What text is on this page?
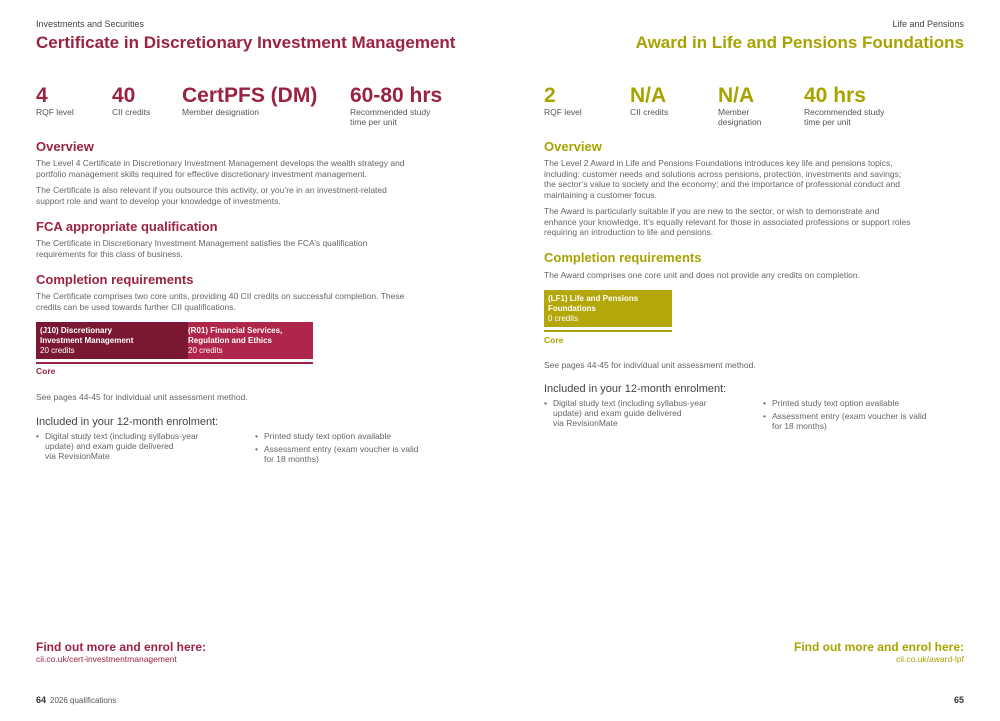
Investments and Securities
Certificate in Discretionary Investment Management
4
RQF level
40
CII credits
CertPFS (DM)
Member designation
60-80 hrs
Recommended study
time per unit
Overview
The Level 4 Certificate in Discretionary Investment Management develops the wealth strategy and
portfolio management skills required for effective discretionary investment management.
The Certificate is also relevant if you outsource this activity, or you’re in an investment-related
support role and want to develop your knowledge of investments.
FCA appropriate qualification
The Certificate in Discretionary Investment Management satisfies the FCA’s qualification
requirements for this class of business.
Completion requirements
The Certificate comprises two core units, providing 40 CII credits on successful completion. These
credits can be used towards further CII qualifications.
(J10) Discretionary
Investment Management
20 credits
(R01) Financial Services,
Regulation and Ethics
20 credits
Core
See pages 44-45 for individual unit assessment method.
Included in your 12-month enrolment:
• Digital study text (including syllabus-year
update) and exam guide delivered
via RevisionMate
• Printed study text option available
• Assessment entry (exam voucher is valid
for 18 months)
Find out more and enrol here:
cii.co.uk/cert-investmentmanagement
64 2026 qualifications
Life and Pensions
Award in Life and Pensions Foundations
2
RQF level
N/A
CII credits
N/A
Member
designation
40 hrs
Recommended study
time per unit
Overview
The Level 2 Award in Life and Pensions Foundations introduces key life and pensions topics,
including: customer needs and solutions across pensions, protection, investments and savings;
the sector’s value to society and the economy; and the importance of professional conduct and
maintaining a customer focus.
The Award is particularly suitable if you are new to the sector, or wish to demonstrate and
enhance your knowledge. It’s equally relevant for those in associated professions or support roles
requiring an introduction to life and pensions.
Completion requirements
The Award comprises one core unit and does not provide any credits on completion.
(LF1) Life and Pensions
Foundations
0 credits
Core
See pages 44-45 for individual unit assessment method.
Included in your 12-month enrolment:
• Digital study text (including syllabus-year
update) and exam guide delivered
via RevisionMate
• Printed study text option available
• Assessment entry (exam voucher is valid
for 18 months)
Find out more and enrol here:
cii.co.uk/award-lpf
65
